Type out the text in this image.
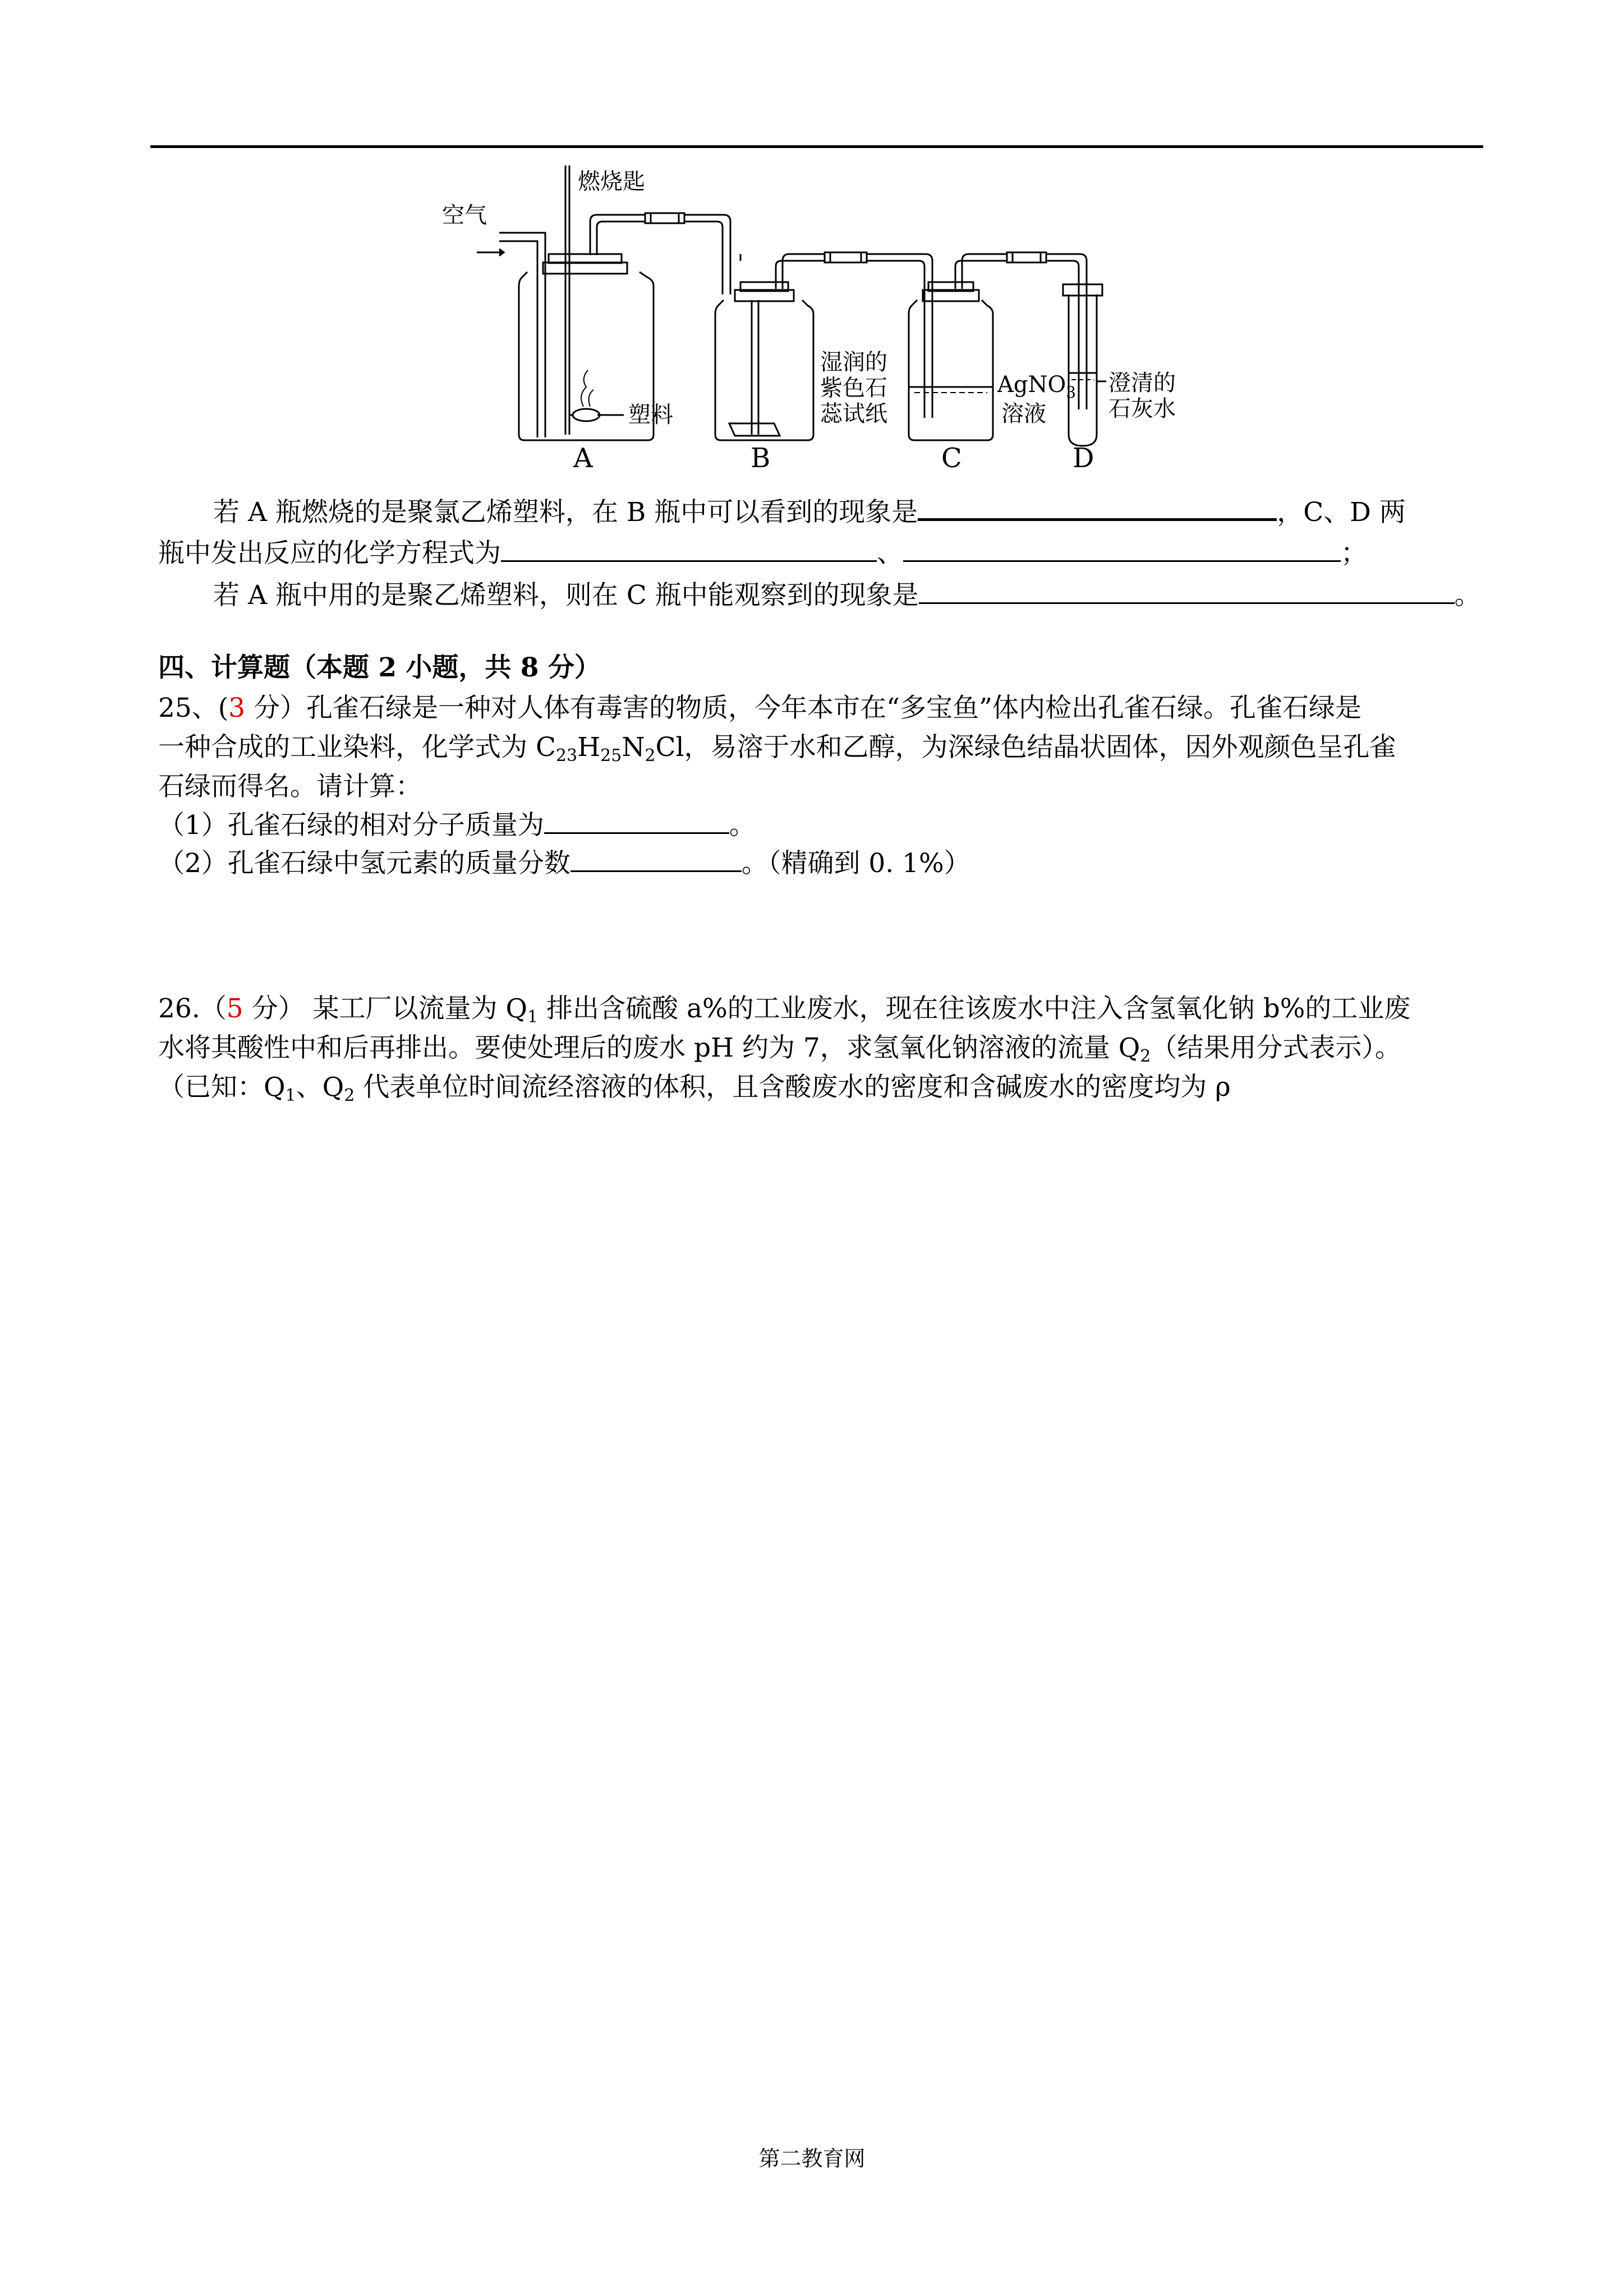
燃烧匙
空气
塑料
湿润的
紫色石
蕊试纸
AgNO$_3$
溶液
澄清的
石灰水
A	B	C	D
若 A 瓶燃烧的是聚氯乙烯塑料，在 B 瓶中可以看到的现象是	，C、D 两
瓶中发出反应的化学方程式为	、	；
若 A 瓶中用的是聚乙烯塑料，则在 C 瓶中能观察到的现象是	。
四、计算题（本题 2 小题，共 8 分）
25、(3 分）孔雀石绿是一种对人体有毒害的物质，今年本市在“多宝鱼”体内检出孔雀石绿。孔雀石绿是
一种合成的工业染料，化学式为 $C_{23}H_{25}N_2Cl$，易溶于水和乙醇，为深绿色结晶状固体，因外观颜色呈孔雀
石绿而得名。请计算：
（1）孔雀石绿的相对分子质量为	。
（2）孔雀石绿中氢元素的质量分数	。（精确到 0. 1%）
26.（5 分） 某工厂以流量为 $Q_1$ 排出含硫酸 a%的工业废水，现在往该废水中注入含氢氧化钠 b%的工业废
水将其酸性中和后再排出。要使处理后的废水 pH 约为 7，求氢氧化钠溶液的流量 $Q_2$（结果用分式表示）。
（已知：$Q_1$、$Q_2$ 代表单位时间流经溶液的体积，且含酸废水的密度和含碱废水的密度均为 ρ
第二教育网
